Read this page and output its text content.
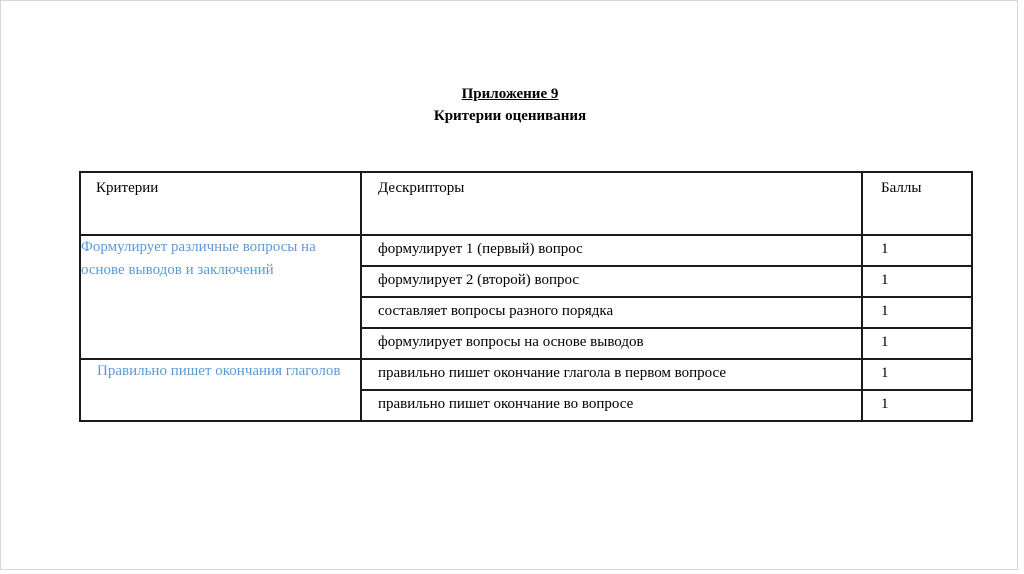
Приложение 9
Критерии оценивания
Критерии	Дескрипторы	Баллы
Формулирует различные вопросы на основе выводов и заключений	формулирует 1 (первый) вопрос	1
	формулирует 2 (второй) вопрос	1
	составляет вопросы разного порядка	1
	формулирует вопросы на основе выводов	1
Правильно пишет окончания глаголов	правильно пишет окончание глагола в первом вопросе	1
	правильно пишет окончание во вопросе	1
